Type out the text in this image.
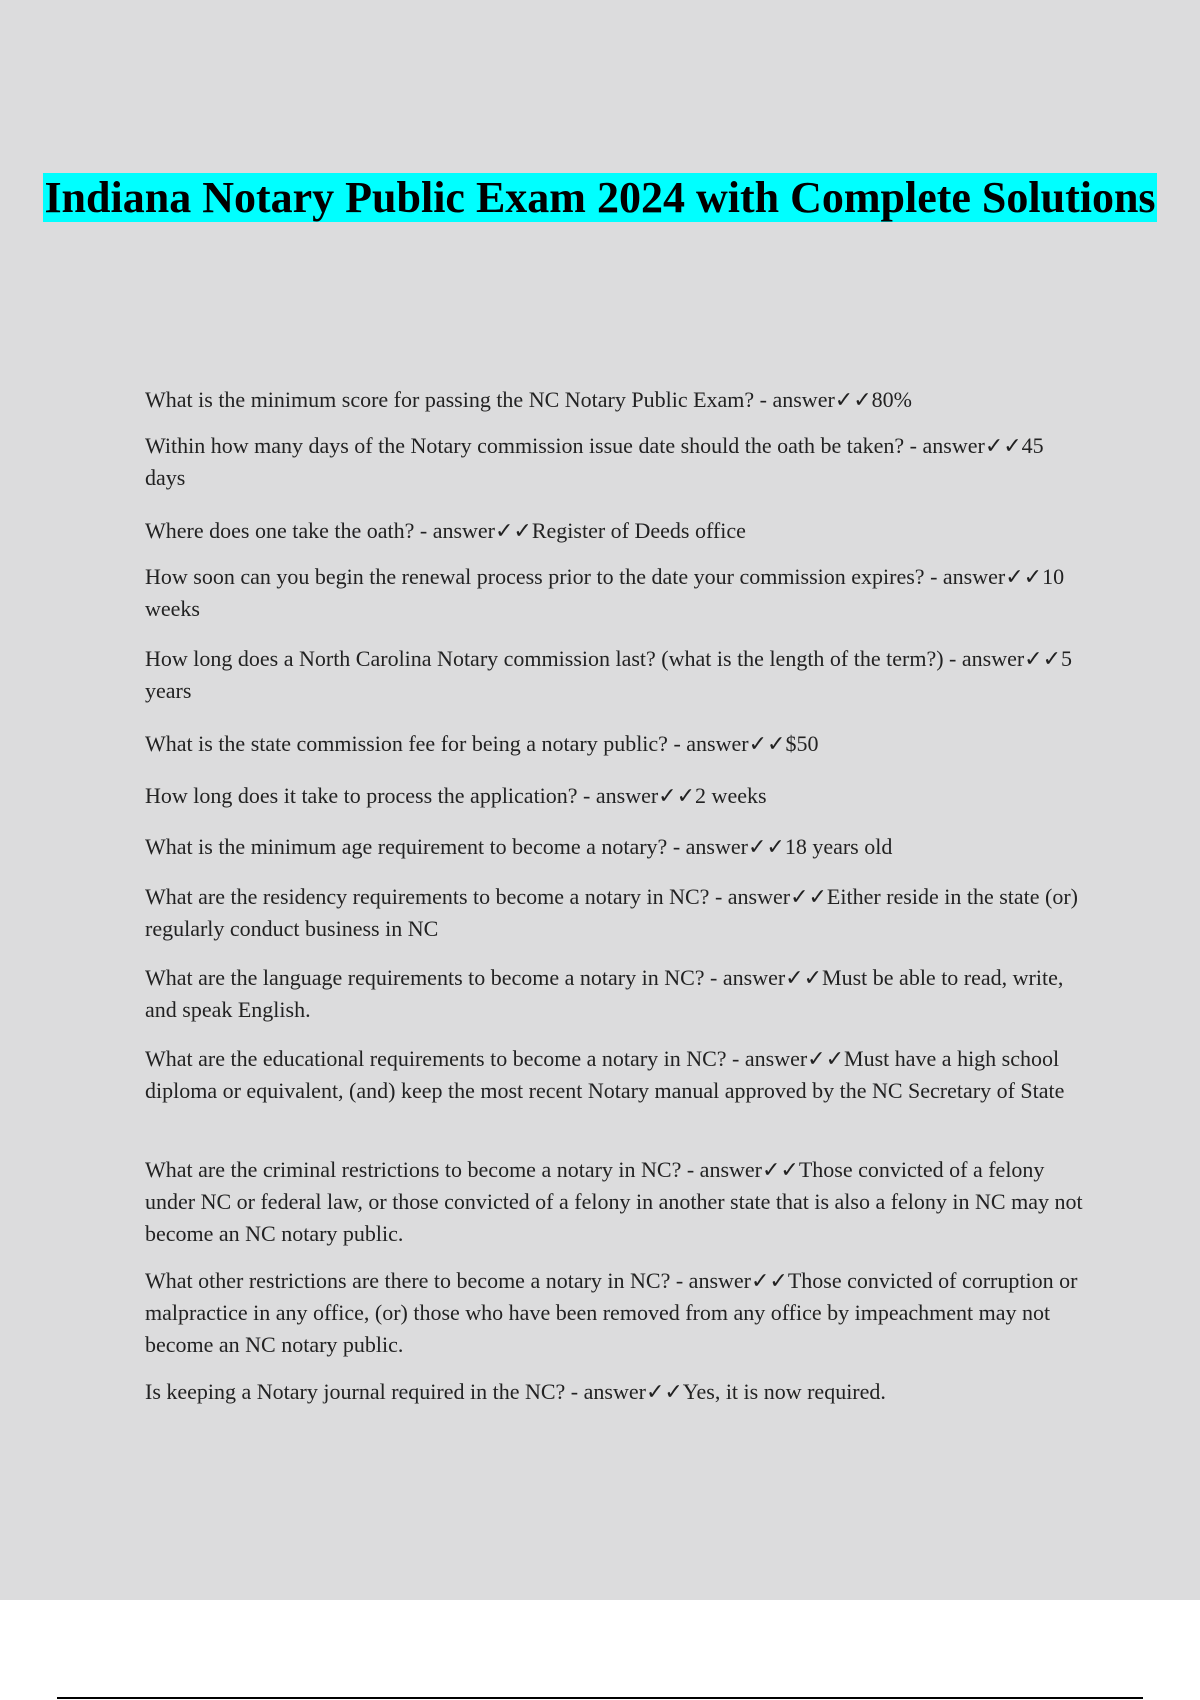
Indiana Notary Public Exam 2024 with Complete Solutions

What is the minimum score for passing the NC Notary Public Exam? - answer✓✓80%

Within how many days of the Notary commission issue date should the oath be taken? - answer✓✓45 days

Where does one take the oath? - answer✓✓Register of Deeds office

How soon can you begin the renewal process prior to the date your commission expires? - answer✓✓10 weeks

How long does a North Carolina Notary commission last? (what is the length of the term?) - answer✓✓5 years

What is the state commission fee for being a notary public? - answer✓✓$50

How long does it take to process the application? - answer✓✓2 weeks

What is the minimum age requirement to become a notary? - answer✓✓18 years old

What are the residency requirements to become a notary in NC? - answer✓✓Either reside in the state (or) regularly conduct business in NC

What are the language requirements to become a notary in NC? - answer✓✓Must be able to read, write, and speak English.

What are the educational requirements to become a notary in NC? - answer✓✓Must have a high school diploma or equivalent, (and) keep the most recent Notary manual approved by the NC Secretary of State

What are the criminal restrictions to become a notary in NC? - answer✓✓Those convicted of a felony under NC or federal law, or those convicted of a felony in another state that is also a felony in NC may not become an NC notary public.

What other restrictions are there to become a notary in NC? - answer✓✓Those convicted of corruption or malpractice in any office, (or) those who have been removed from any office by impeachment may not become an NC notary public.

Is keeping a Notary journal required in the NC? - answer✓✓Yes, it is now required.
